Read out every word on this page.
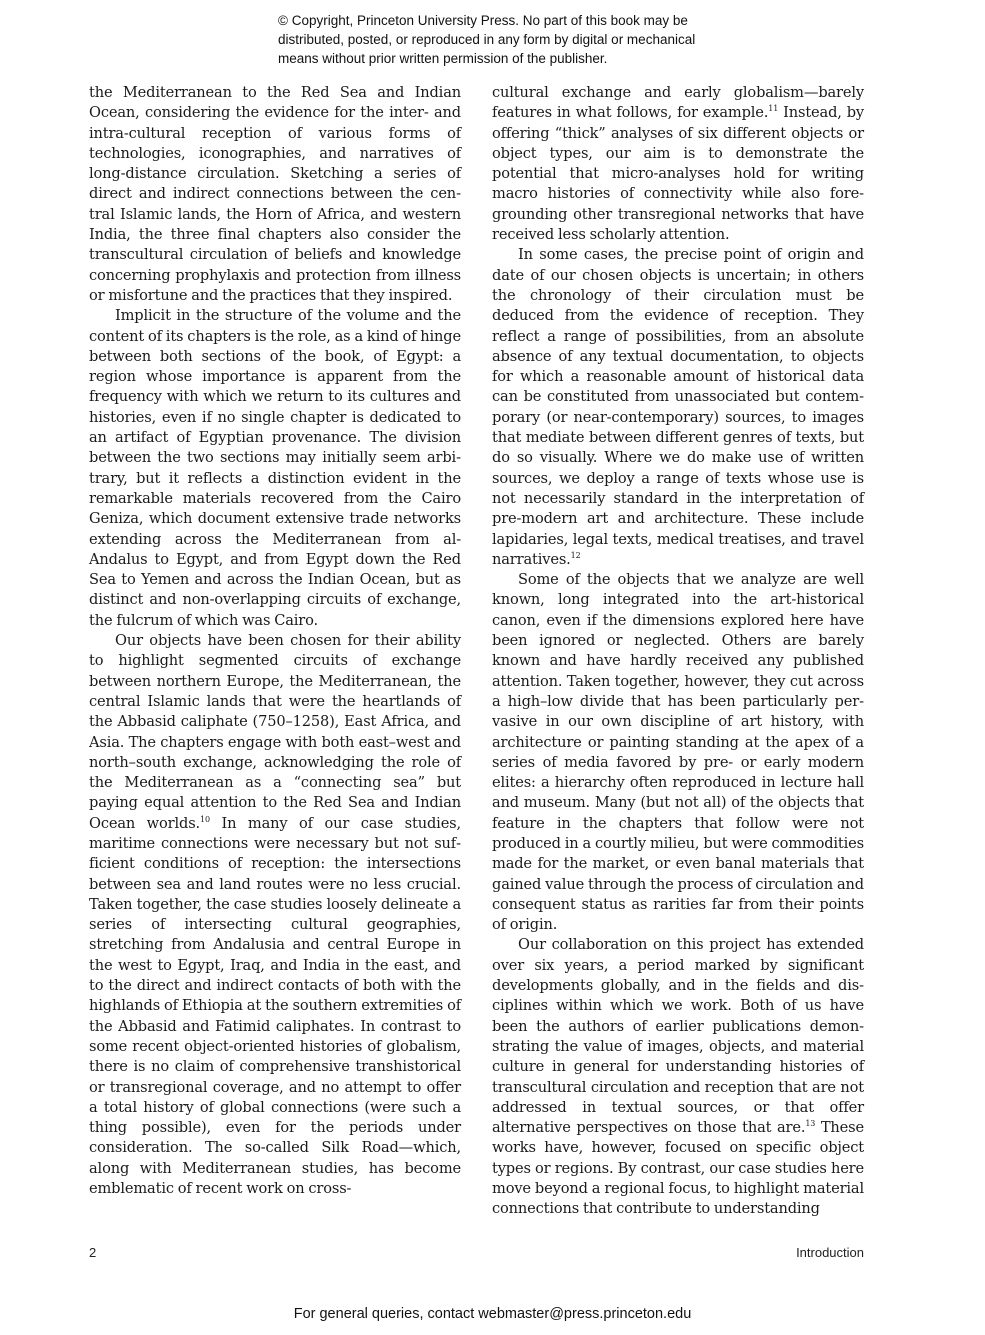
© Copyright, Princeton University Press. No part of this book may be
distributed, posted, or reproduced in any form by digital or mechanical
means without prior written permission of the publisher.

the Mediterranean to the Red Sea and Indian Ocean, considering the evidence for the inter- and intra-cultural reception of various forms of technologies, iconographies, and narratives of long-distance circulation. Sketching a series of direct and indirect connections between the central Islamic lands, the Horn of Africa, and western India, the three final chapters also consider the transcultural circulation of beliefs and knowledge concerning prophylaxis and protection from illness or misfortune and the practices that they inspired.

Implicit in the structure of the volume and the content of its chapters is the role, as a kind of hinge between both sections of the book, of Egypt: a region whose importance is apparent from the frequency with which we return to its cultures and histories, even if no single chapter is dedicated to an artifact of Egyptian provenance. The division between the two sections may initially seem arbitrary, but it reflects a distinction evident in the remarkable materials recovered from the Cairo Geniza, which document extensive trade networks extending across the Mediterranean from al-Andalus to Egypt, and from Egypt down the Red Sea to Yemen and across the Indian Ocean, but as distinct and non-overlapping circuits of exchange, the fulcrum of which was Cairo.

Our objects have been chosen for their ability to highlight segmented circuits of exchange between northern Europe, the Mediterranean, the central Islamic lands that were the heartlands of the Abbasid caliphate (750–1258), East Africa, and Asia. The chapters engage with both east–west and north–south exchange, acknowledging the role of the Mediterranean as a “connecting sea” but paying equal attention to the Red Sea and Indian Ocean worlds.$^{10}$ In many of our case studies, maritime connections were necessary but not sufficient conditions of reception: the intersections between sea and land routes were no less crucial. Taken together, the case studies loosely delineate a series of intersecting cultural geographies, stretching from Andalusia and central Europe in the west to Egypt, Iraq, and India in the east, and to the direct and indirect contacts of both with the highlands of Ethiopia at the southern extremities of the Abbasid and Fatimid caliphates. In contrast to some recent object-oriented histories of globalism, there is no claim of comprehensive transhistorical or transregional coverage, and no attempt to offer a total history of global connections (were such a thing possible), even for the periods under consideration. The so-called Silk Road—which, along with Mediterranean studies, has become emblematic of recent work on cross-

cultural exchange and early globalism—barely features in what follows, for example.$^{11}$ Instead, by offering “thick” analyses of six different objects or object types, our aim is to demonstrate the potential that micro-analyses hold for writing macro histories of connectivity while also foregrounding other transregional networks that have received less scholarly attention.

In some cases, the precise point of origin and date of our chosen objects is uncertain; in others the chronology of their circulation must be deduced from the evidence of reception. They reflect a range of possibilities, from an absolute absence of any textual documentation, to objects for which a reasonable amount of historical data can be constituted from unassociated but contemporary (or near-contemporary) sources, to images that mediate between different genres of texts, but do so visually. Where we do make use of written sources, we deploy a range of texts whose use is not necessarily standard in the interpretation of pre-modern art and architecture. These include lapidaries, legal texts, medical treatises, and travel narratives.$^{12}$

Some of the objects that we analyze are well known, long integrated into the art-historical canon, even if the dimensions explored here have been ignored or neglected. Others are barely known and have hardly received any published attention. Taken together, however, they cut across a high–low divide that has been particularly pervasive in our own discipline of art history, with architecture or painting standing at the apex of a series of media favored by pre- or early modern elites: a hierarchy often reproduced in lecture hall and museum. Many (but not all) of the objects that feature in the chapters that follow were not produced in a courtly milieu, but were commodities made for the market, or even banal materials that gained value through the process of circulation and consequent status as rarities far from their points of origin.

Our collaboration on this project has extended over six years, a period marked by significant developments globally, and in the fields and disciplines within which we work. Both of us have been the authors of earlier publications demonstrating the value of images, objects, and material culture in general for understanding histories of transcultural circulation and reception that are not addressed in textual sources, or that offer alternative perspectives on those that are.$^{13}$ These works have, however, focused on specific object types or regions. By contrast, our case studies here move beyond a regional focus, to highlight material connections that contribute to understanding

2	Introduction
For general queries, contact webmaster@press.princeton.edu
